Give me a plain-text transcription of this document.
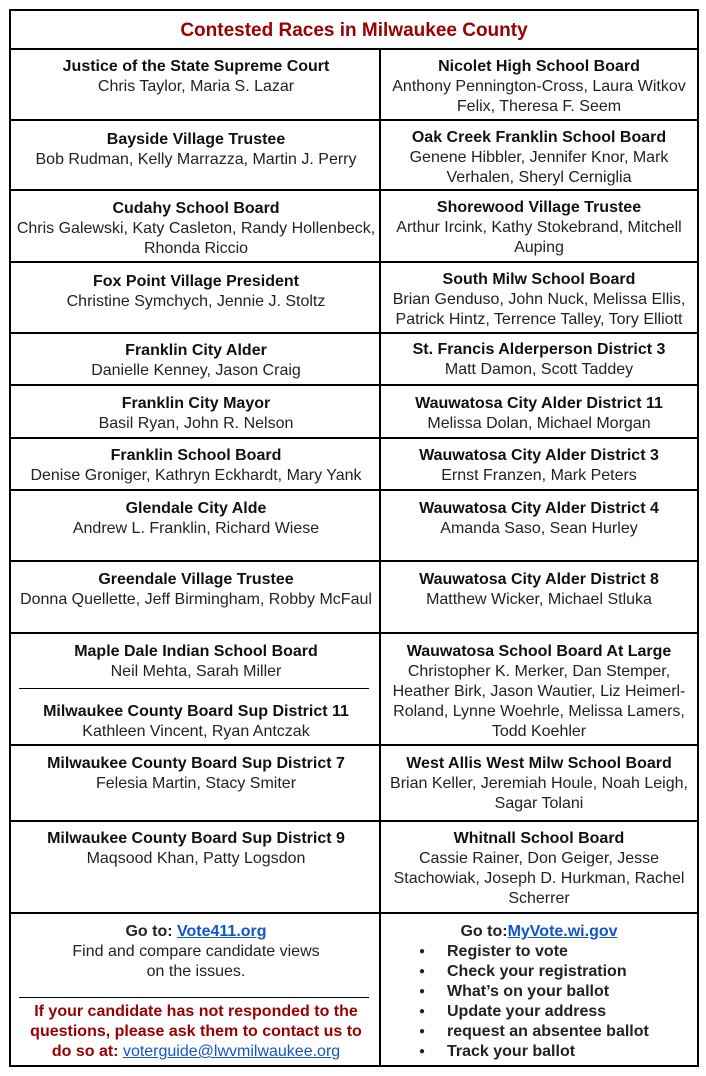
Contested Races in Milwaukee County
Justice of the State Supreme Court
Chris Taylor, Maria S. Lazar
Nicolet High School Board
Anthony Pennington-Cross, Laura Witkov Felix, Theresa F. Seem
Bayside Village Trustee
Bob Rudman, Kelly Marrazza, Martin J. Perry
Oak Creek Franklin School Board
Genene Hibbler, Jennifer Knor, Mark Verhalen, Sheryl Cerniglia
Cudahy School Board
Chris Galewski, Katy Casleton, Randy Hollenbeck, Rhonda Riccio
Shorewood Village Trustee
Arthur Ircink, Kathy Stokebrand, Mitchell Auping
Fox Point Village President
Christine Symchych, Jennie J. Stoltz
South Milw School Board
Brian Genduso, John Nuck, Melissa Ellis, Patrick Hintz, Terrence Talley, Tory Elliott
Franklin City Alder
Danielle Kenney, Jason Craig
St. Francis Alderperson District 3
Matt Damon, Scott Taddey
Franklin City Mayor
Basil Ryan, John R. Nelson
Wauwatosa City Alder District 11
Melissa Dolan, Michael Morgan
Franklin School Board
Denise Groniger, Kathryn Eckhardt, Mary Yank
Wauwatosa City Alder District 3
Ernst Franzen, Mark Peters
Glendale City Alde
Andrew L. Franklin, Richard Wiese
Wauwatosa City Alder District 4
Amanda Saso, Sean Hurley
Greendale Village Trustee
Donna Quellette, Jeff Birmingham, Robby McFaul
Wauwatosa City Alder District 8
Matthew Wicker, Michael Stluka
Maple Dale Indian School Board
Neil Mehta, Sarah Miller
Milwaukee County Board Sup District 11
Kathleen Vincent, Ryan Antczak
Wauwatosa School Board At Large
Christopher K. Merker, Dan Stemper, Heather Birk, Jason Wautier, Liz Heimerl-Roland, Lynne Woehrle, Melissa Lamers, Todd Koehler
Milwaukee County Board Sup District 7
Felesia Martin, Stacy Smiter
West Allis West Milw School Board
Brian Keller, Jeremiah Houle, Noah Leigh, Sagar Tolani
Milwaukee County Board Sup District 9
Maqsood Khan, Patty Logsdon
Whitnall School Board
Cassie Rainer, Don Geiger, Jesse Stachowiak, Joseph D. Hurkman, Rachel Scherrer
Go to: Vote411.org
Find and compare candidate views
on the issues.
If your candidate has not responded to the questions, please ask them to contact us to do so at: voterguide@lwvmilwaukee.org
Go to:MyVote.wi.gov
● Register to vote
● Check your registration
● What’s on your ballot
● Update your address
● request an absentee ballot
● Track your ballot
